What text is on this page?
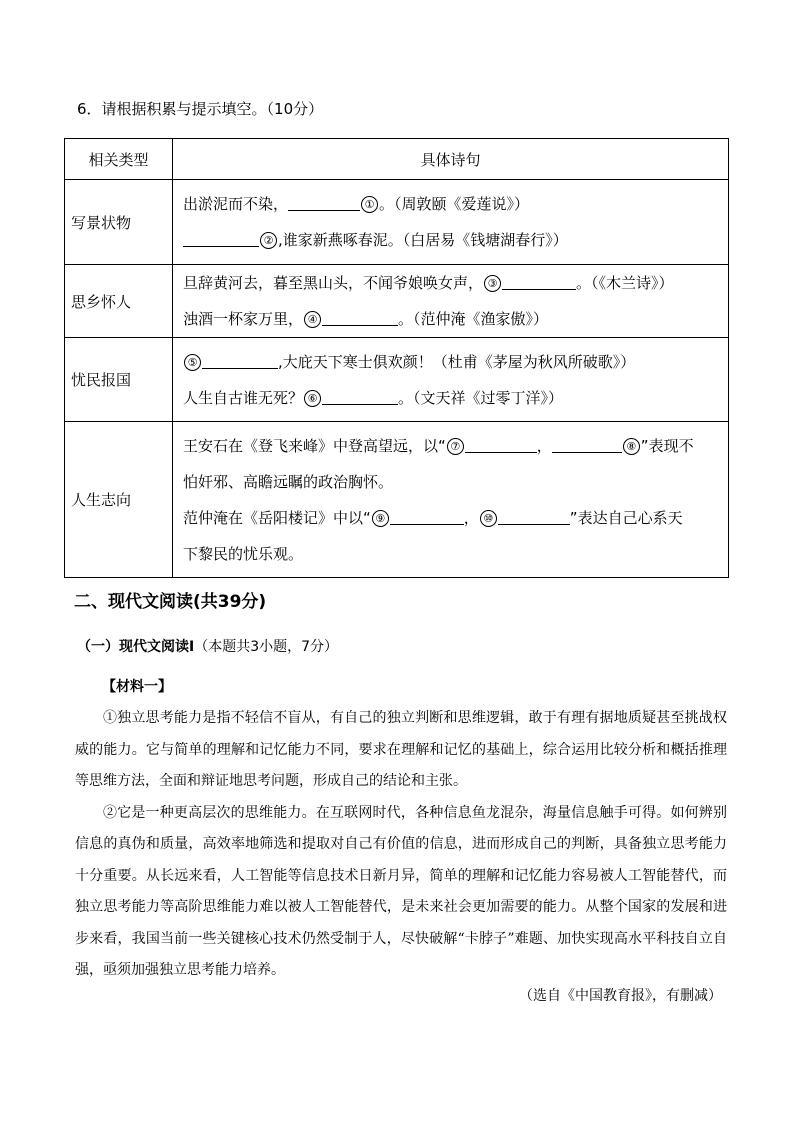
6．请根据积累与提示填空。（10分）
相关类型	具体诗句
写景状物	出淤泥而不染， ① 。（周敦颐《爱莲说》）
② ,谁家新燕啄春泥。（白居易《钱塘湖春行》）

思乡怀人	旦辞黄河去，暮至黑山头，不闻爷娘唤女声， ③ 。（《木兰诗》）
浊酒一杯家万里， ④ 。（范仲淹《渔家傲》）

忧民报国	⑤ ,大庇天下寒士俱欢颜！（杜甫《茅屋为秋风所破歌》）
人生自古谁无死？ ⑥ 。（文天祥《过零丁洋》）

人生志向	王安石在《登飞来峰》中登高望远，以“ ⑦ ， ⑧ ”表现不
怕奸邪、高瞻远瞩的政治胸怀。
范仲淹在《岳阳楼记》中以“ ⑨ ， ⑩ ”表达自己心系天
下黎民的忧乐观。
二、现代文阅读(共39分)
（一）现代文阅读Ⅰ（本题共3小题，7分）
【材料一】

①独立思考能力是指不轻信不盲从，有自己的独立判断和思维逻辑，敢于有理有据地质疑甚至挑战权威的能力。它与简单的理解和记忆能力不同，要求在理解和记忆的基础上，综合运用比较分析和概括推理等思维方法，全面和辩证地思考问题，形成自己的结论和主张。

②它是一种更高层次的思维能力。在互联网时代，各种信息鱼龙混杂，海量信息触手可得。如何辨别信息的真伪和质量，高效率地筛选和提取对自己有价值的信息，进而形成自己的判断，具备独立思考能力十分重要。从长远来看，人工智能等信息技术日新月异，简单的理解和记忆能力容易被人工智能替代，而独立思考能力等高阶思维能力难以被人工智能替代，是未来社会更加需要的能力。从整个国家的发展和进步来看，我国当前一些关键核心技术仍然受制于人，尽快破解“卡脖子”难题、加快实现高水平科技自立自强，亟须加强独立思考能力培养。

（选自《中国教育报》，有删减）
